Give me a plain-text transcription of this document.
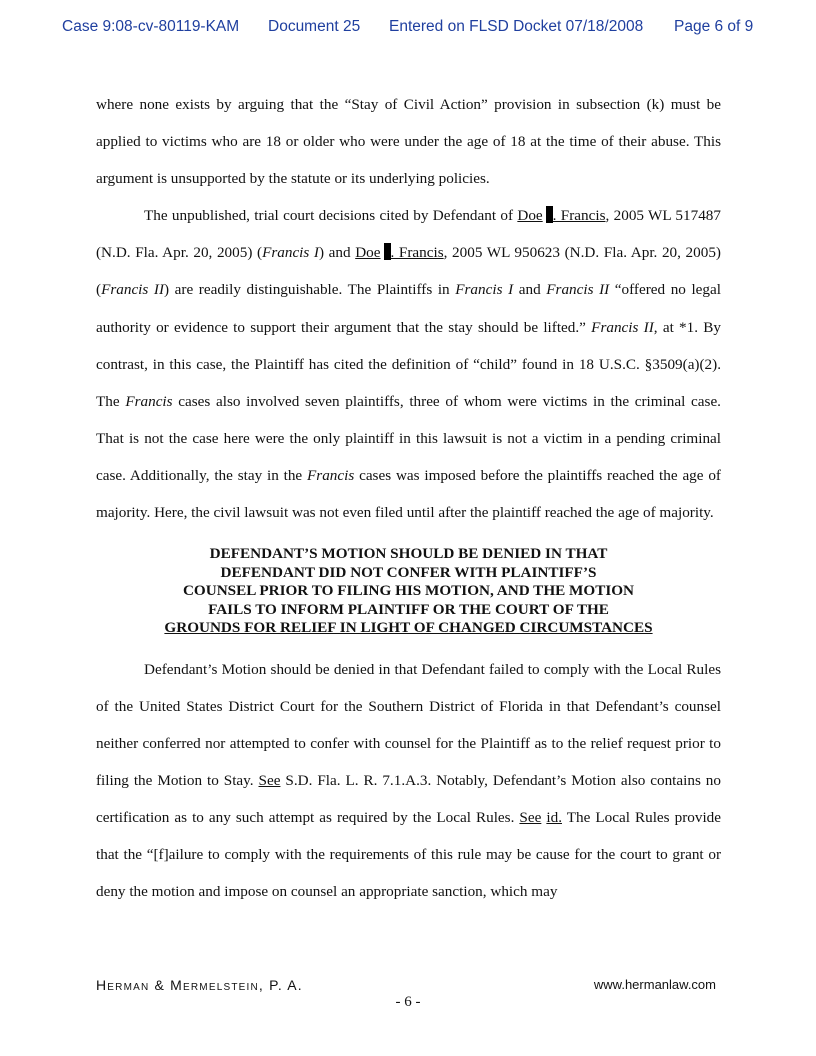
Case 9:08-cv-80119-KAM Document 25 Entered on FLSD Docket 07/18/2008 Page 6 of 9

where none exists by arguing that the “Stay of Civil Action” provision in subsection (k) must be applied to victims who are 18 or older who were under the age of 18 at the time of their abuse. This argument is unsupported by the statute or its underlying policies.

The unpublished, trial court decisions cited by Defendant of Doe . Francis, 2005 WL 517487 (N.D. Fla. Apr. 20, 2005) (Francis I) and Doe . Francis, 2005 WL 950623 (N.D. Fla. Apr. 20, 2005) (Francis II) are readily distinguishable. The Plaintiffs in Francis I and Francis II “offered no legal authority or evidence to support their argument that the stay should be lifted.” Francis II, at *1. By contrast, in this case, the Plaintiff has cited the definition of “child” found in 18 U.S.C. §3509(a)(2). The Francis cases also involved seven plaintiffs, three of whom were victims in the criminal case. That is not the case here were the only plaintiff in this lawsuit is not a victim in a pending criminal case. Additionally, the stay in the Francis cases was imposed before the plaintiffs reached the age of majority. Here, the civil lawsuit was not even filed until after the plaintiff reached the age of majority.

DEFENDANT’S MOTION SHOULD BE DENIED IN THAT
DEFENDANT DID NOT CONFER WITH PLAINTIFF’S
COUNSEL PRIOR TO FILING HIS MOTION, AND THE MOTION
FAILS TO INFORM PLAINTIFF OR THE COURT OF THE
GROUNDS FOR RELIEF IN LIGHT OF CHANGED CIRCUMSTANCES

Defendant’s Motion should be denied in that Defendant failed to comply with the Local Rules of the United States District Court for the Southern District of Florida in that Defendant’s counsel neither conferred nor attempted to confer with counsel for the Plaintiff as to the relief request prior to filing the Motion to Stay. See S.D. Fla. L. R. 7.1.A.3. Notably, Defendant’s Motion also contains no certification as to any such attempt as required by the Local Rules. See id. The Local Rules provide that the “[f]ailure to comply with the requirements of this rule may be cause for the court to grant or deny the motion and impose on counsel an appropriate sanction, which may

Herman & Mermelstein, P. A.	www.hermanlaw.com
- 6 -
